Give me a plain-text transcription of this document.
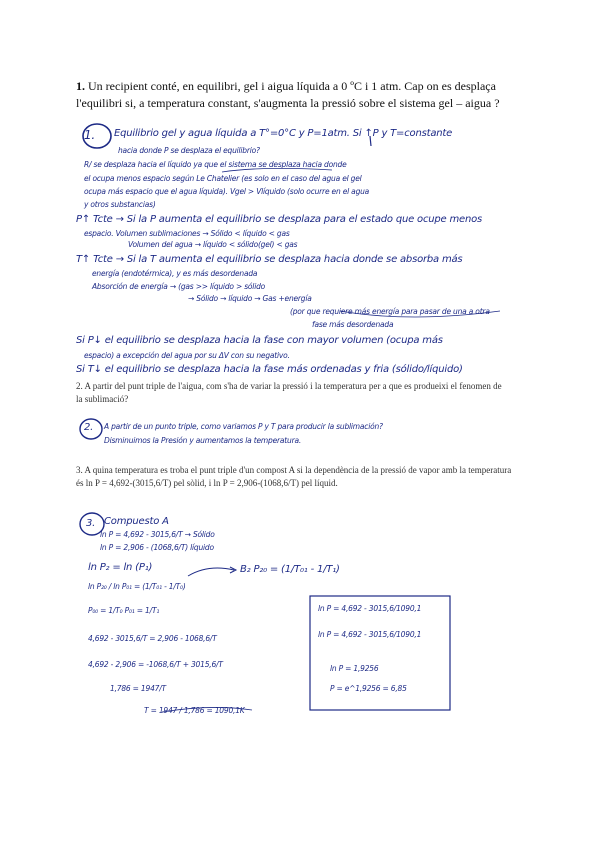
1. Un recipient conté, en equilibri, gel i aigua líquida a 0 ºC i 1 atm. Cap on es desplaça l'equilibri si, a temperatura constant, s'augmenta la pressió sobre el sistema gel – aigua ?
1. Equilibrio gel y agua líquida a T°=0°C y P=1atm. Si ↑P y T=constante
hacia donde P se desplaza el equilibrio?
R/ se desplaza hacia el líquido ya que el sistema se desplaza hacia donde
el ocupa menos espacio según Le Chatelier (es solo en el caso del agua el gel
ocupa más espacio que el agua líquida). Vgel > Vlíquido (solo ocurre en el agua
y otros substancias)
P↑ Tcte → Si la P aumenta el equilibrio se desplaza para el estado que ocupe menos
espacio. Volumen sublimaciones → Sólido < líquido < gas
Volumen del agua → líquido < sólido(gel) < gas
T↑ Tcte → Si la T aumenta el equilibrio se desplaza hacia donde se absorba más
energía (endotérmica), y es más desordenada
Absorción de energía → (gas >> líquido > sólido
→ Sólido → líquido → Gas +energía
(por que requiere más energía para pasar de una a otra
fase más desordenada
Si P↓ el equilibrio se desplaza hacia la fase con mayor volumen (ocupa más
espacio) a excepción del agua por su ΔV con su negativo.
Si T↓ el equilibrio se desplaza hacia la fase más ordenadas y fria (sólido/líquido)
2. A partir del punt triple de l'aigua, com s'ha de variar la pressió i la temperatura per a que es produeixi el fenomen de la sublimació?
2. A partir de un punto triple, como variamos P y T para producir la sublimación?
Disminuimos la Presión y aumentamos la temperatura.
3. A quina temperatura es troba el punt triple d'un compost A si la dependència de la pressió de vapor amb la temperatura és ln P = 4,692-(3015,6/T) pel sòlid, i ln P = 2,906-(1068,6/T) pel líquid.
3. Compuesto A
ln P = 4,692 - 3015,6/T → Sólido
ln P = 2,906 - (1068,6/T) líquido
ln P₂ = ln (P₁)
ln P₂₀ / ln P₀₁ = (1/T₀₁ - 1/T₀)
P₀₀ = 1/T₀ P₀₁ = 1/T₁
4,692 - 3015,6/T = 2,906 - 1068,6/T
4,692 - 2,906 = -1068,6/T + 3015,6/T
1,786 = 1947/T
T = 1947 / 1,786 = 1090,1K
B₂ P₂₀ = (1/T₀₁ - 1/T₁)
ln P = 4,692 - 3015,6/1090,1
ln P = 4,692 - 3015,6/1090,1
ln P = 1,9256
P = e^1,9256 = 6,85
